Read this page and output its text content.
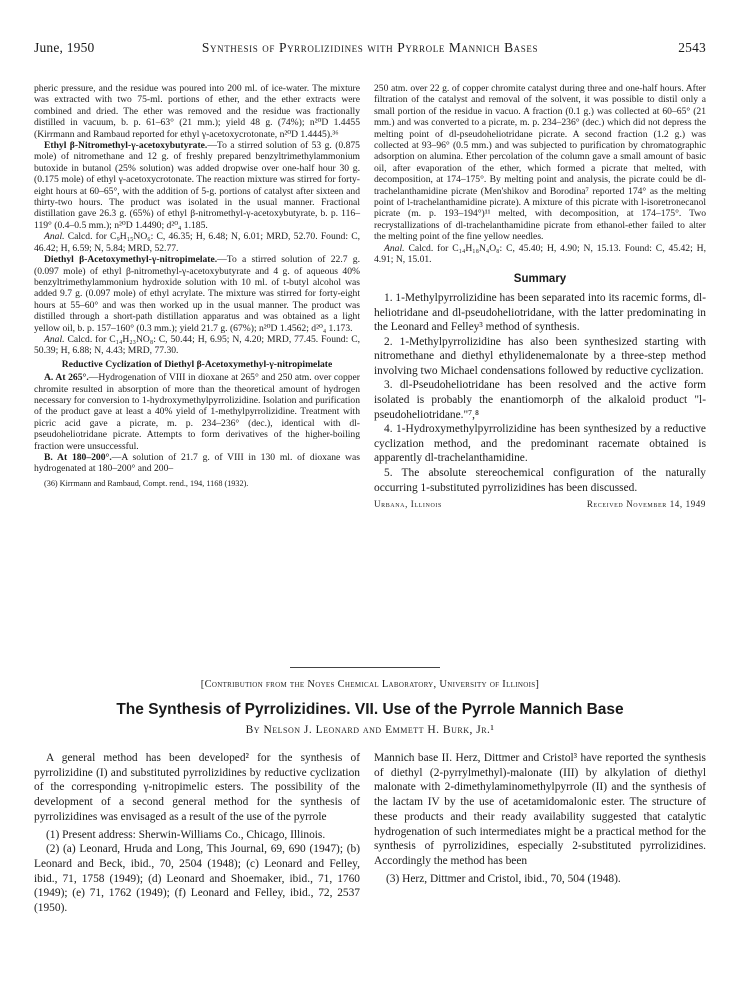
June, 1950	Synthesis of Pyrrolizidines with Pyrrole Mannich Bases	2543

pheric pressure, and the residue was poured into 200 ml. of ice-water. The mixture was extracted with two 75-ml. portions of ether, and the ether extracts were combined and dried. The ether was removed and the residue was fractionally distilled in vacuum, b. p. 61–63° (21 mm.); yield 48 g. (74%); n²⁰D 1.4455 (Kirrmann and Rambaud reported for ethyl γ-acetoxycrotonate, n²⁰D 1.4445).³⁶

Ethyl β-Nitromethyl-γ-acetoxybutyrate.—To a stirred solution of 53 g. (0.875 mole) of nitromethane and 12 g. of freshly prepared benzyltrimethylammonium butoxide in butanol (25% solution) was added dropwise over one-half hour 30 g. (0.175 mole) of ethyl γ-acetoxycrotonate. The reaction mixture was stirred for forty-eight hours at 60–65°, with the addition of 5-g. portions of catalyst after sixteen and thirty-two hours. The product was isolated in the usual manner. Fractional distillation gave 26.3 g. (65%) of ethyl β-nitromethyl-γ-acetoxybutyrate, b. p. 116–119° (0.4–0.5 mm.); n²⁰D 1.4490; d²⁰₄ 1.185.

Anal. Calcd. for C₉H₁₅NO₆: C, 46.35; H, 6.48; N, 6.01; MRD, 52.70. Found: C, 46.42; H, 6.59; N, 5.84; MRD, 52.77.

Diethyl β-Acetoxymethyl-γ-nitropimelate.—To a stirred solution of 22.7 g. (0.097 mole) of ethyl β-nitromethyl-γ-acetoxybutyrate and 4 g. of aqueous 40% benzyltrimethylammonium hydroxide solution with 10 ml. of t-butyl alcohol was added 9.7 g. (0.097 mole) of ethyl acrylate. The mixture was stirred for forty-eight hours at 55–60° and was then worked up in the usual manner. The product was distilled through a short-path distillation apparatus and was obtained as a light yellow oil, b. p. 157–160° (0.3 mm.); yield 21.7 g. (67%); n²⁰D 1.4562; d²⁰₄ 1.173.

Anal. Calcd. for C₁₄H₂₃NO₈: C, 50.44; H, 6.95; N, 4.20; MRD, 77.45. Found: C, 50.39; H, 6.88; N, 4.43; MRD, 77.30.

Reductive Cyclization of Diethyl β-Acetoxymethyl-γ-nitropimelate

A. At 265°.—Hydrogenation of VIII in dioxane at 265° and 250 atm. over copper chromite resulted in absorption of more than the theoretical amount of hydrogen necessary for conversion to 1-hydroxymethylpyrrolizidine. Isolation and purification of the product gave at least a 40% yield of 1-methylpyrrolizidine. Treatment with picric acid gave a picrate, m. p. 234–236° (dec.), identical with dl-pseudoheliotridane picrate. Attempts to form derivatives of the higher-boiling fraction were unsuccessful.

B. At 180–200°.—A solution of 21.7 g. of VIII in 130 ml. of dioxane was hydrogenated at 180–200° and 200–

(36) Kirrmann and Rambaud, Compt. rend., 194, 1168 (1932).

250 atm. over 22 g. of copper chromite catalyst during three and one-half hours. After filtration of the catalyst and removal of the solvent, it was possible to distil only a small portion of the residue in vacuo. A fraction (0.1 g.) was collected at 60–65° (21 mm.) and was converted to a picrate, m. p. 234–236° (dec.) which did not depress the melting point of dl-pseudoheliotridane picrate. A second fraction (1.2 g.) was collected at 93–96° (0.5 mm.) and was subjected to purification by chromatographic adsorption on alumina. Ether percolation of the column gave a small amount of basic oil, after evaporation of the ether, which formed a picrate that melted, with decomposition, at 174–175°. By melting point and analysis, the picrate could be dl-trachelanthamidine picrate (Men'shikov and Borodina⁷ reported 174° as the melting point of l-trachelanthamidine picrate). A mixture of this picrate with l-isoretronecanol picrate (m. p. 193–194°)¹¹ melted, with decomposition, at 174–175°. Two recrystallizations of dl-trachelanthamidine picrate from ethanol-ether failed to alter the melting point of the fine yellow needles.

Anal. Calcd. for C₁₄H₁₈N₄O₈: C, 45.40; H, 4.90; N, 15.13. Found: C, 45.42; H, 4.91; N, 15.01.

Summary

1. 1-Methylpyrrolizidine has been separated into its racemic forms, dl-heliotridane and dl-pseudoheliotridane, with the latter predominating in the Leonard and Felley³ method of synthesis.

2. 1-Methylpyrrolizidine has also been synthesized starting with nitromethane and diethyl ethylidenemalonate by a three-step method involving two Michael condensations followed by reductive cyclization.

3. dl-Pseudoheliotridane has been resolved and the active form isolated is probably the enantiomorph of the alkaloid product "l-pseudoheliotridane."⁷,⁸

4. 1-Hydroxymethylpyrrolizidine has been synthesized by a reductive cyclization method, and the predominant racemate obtained is apparently dl-trachelanthamidine.

5. The absolute stereochemical configuration of the naturally occurring 1-substituted pyrrolizidines has been discussed.

Urbana, Illinois	Received November 14, 1949
[Contribution from the Noyes Chemical Laboratory, University of Illinois]
The Synthesis of Pyrrolizidines. VII. Use of the Pyrrole Mannich Base
By Nelson J. Leonard and Emmett H. Burk, Jr.¹

A general method has been developed² for the synthesis of pyrrolizidine (I) and substituted pyrrolizidines by reductive cyclization of the corresponding γ-nitropimelic esters. The possibility of the development of a second general method for the synthesis of pyrrolizidines was envisaged as a result of the use of the pyrrole

(1) Present address: Sherwin-Williams Co., Chicago, Illinois.

(2) (a) Leonard, Hruda and Long, This Journal, 69, 690 (1947); (b) Leonard and Beck, ibid., 70, 2504 (1948); (c) Leonard and Felley, ibid., 71, 1758 (1949); (d) Leonard and Shoemaker, ibid., 71, 1760 (1949); (e) 71, 1762 (1949); (f) Leonard and Felley, ibid., 72, 2537 (1950).

Mannich base II. Herz, Dittmer and Cristol³ have reported the synthesis of diethyl (2-pyrrylmethyl)-malonate (III) by alkylation of diethyl malonate with 2-dimethylaminomethylpyrrole (II) and the synthesis of the lactam IV by the use of acetamidomalonic ester. The structure of these products and their ready availability suggested that catalytic hydrogenation of such intermediates might be a practical method for the synthesis of pyrrolizidines, especially 2-substituted pyrrolizidines. Accordingly the method has been

(3) Herz, Dittmer and Cristol, ibid., 70, 504 (1948).
